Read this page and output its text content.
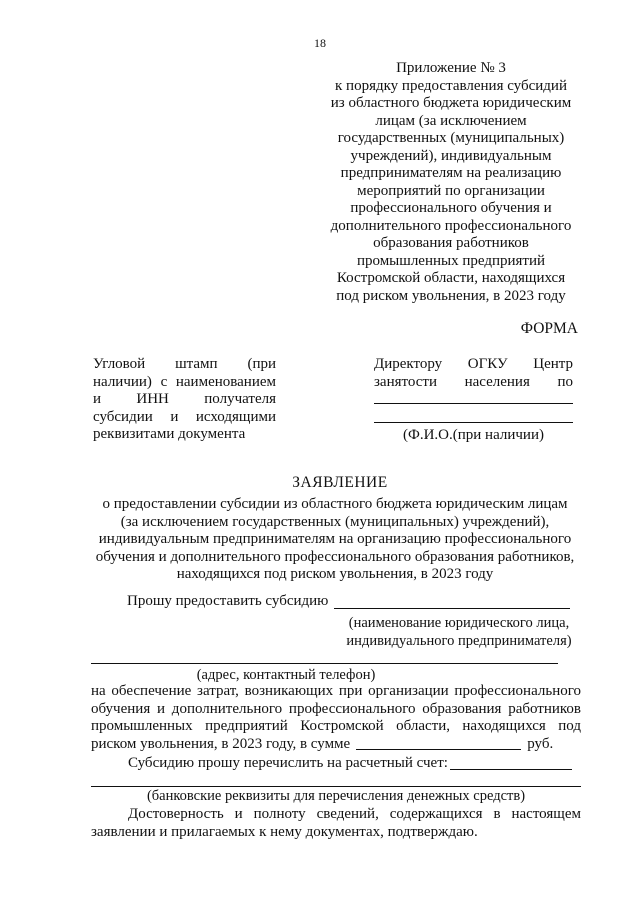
18
Приложение № 3
к порядку предоставления субсидий
из областного бюджета юридическим
лицам (за исключением
государственных (муниципальных)
учреждений), индивидуальным
предпринимателям на реализацию
мероприятий по организации
профессионального обучения и
дополнительного профессионального
образования работников
промышленных предприятий
Костромской области, находящихся
под риском увольнения, в 2023 году
ФОРМА
Угловой штамп (при
наличии) с наименованием
и ИНН получателя
субсидии и исходящими
реквизитами документа
Директору ОГКУ Центр
занятости населения по
(Ф.И.О.(при наличии)
ЗАЯВЛЕНИЕ
о предоставлении субсидии из областного бюджета юридическим лицам
(за исключением государственных (муниципальных) учреждений),
индивидуальным предпринимателям на организацию профессионального
обучения и дополнительного профессионального образования работников,
находящихся под риском увольнения, в 2023 году
Прошу предоставить субсидию
(наименование юридического лица,
индивидуального предпринимателя)
(адрес, контактный телефон)
на обеспечение затрат, возникающих при организации профессионального
обучения и дополнительного профессионального образования работников
промышленных предприятий Костромской области, находящихся под
риском увольнения, в 2023 году, в сумме	руб.
Субсидию прошу перечислить на расчетный счет:
(банковские реквизиты для перечисления денежных средств)
Достоверность и полноту сведений, содержащихся в настоящем
заявлении и прилагаемых к нему документах, подтверждаю.
